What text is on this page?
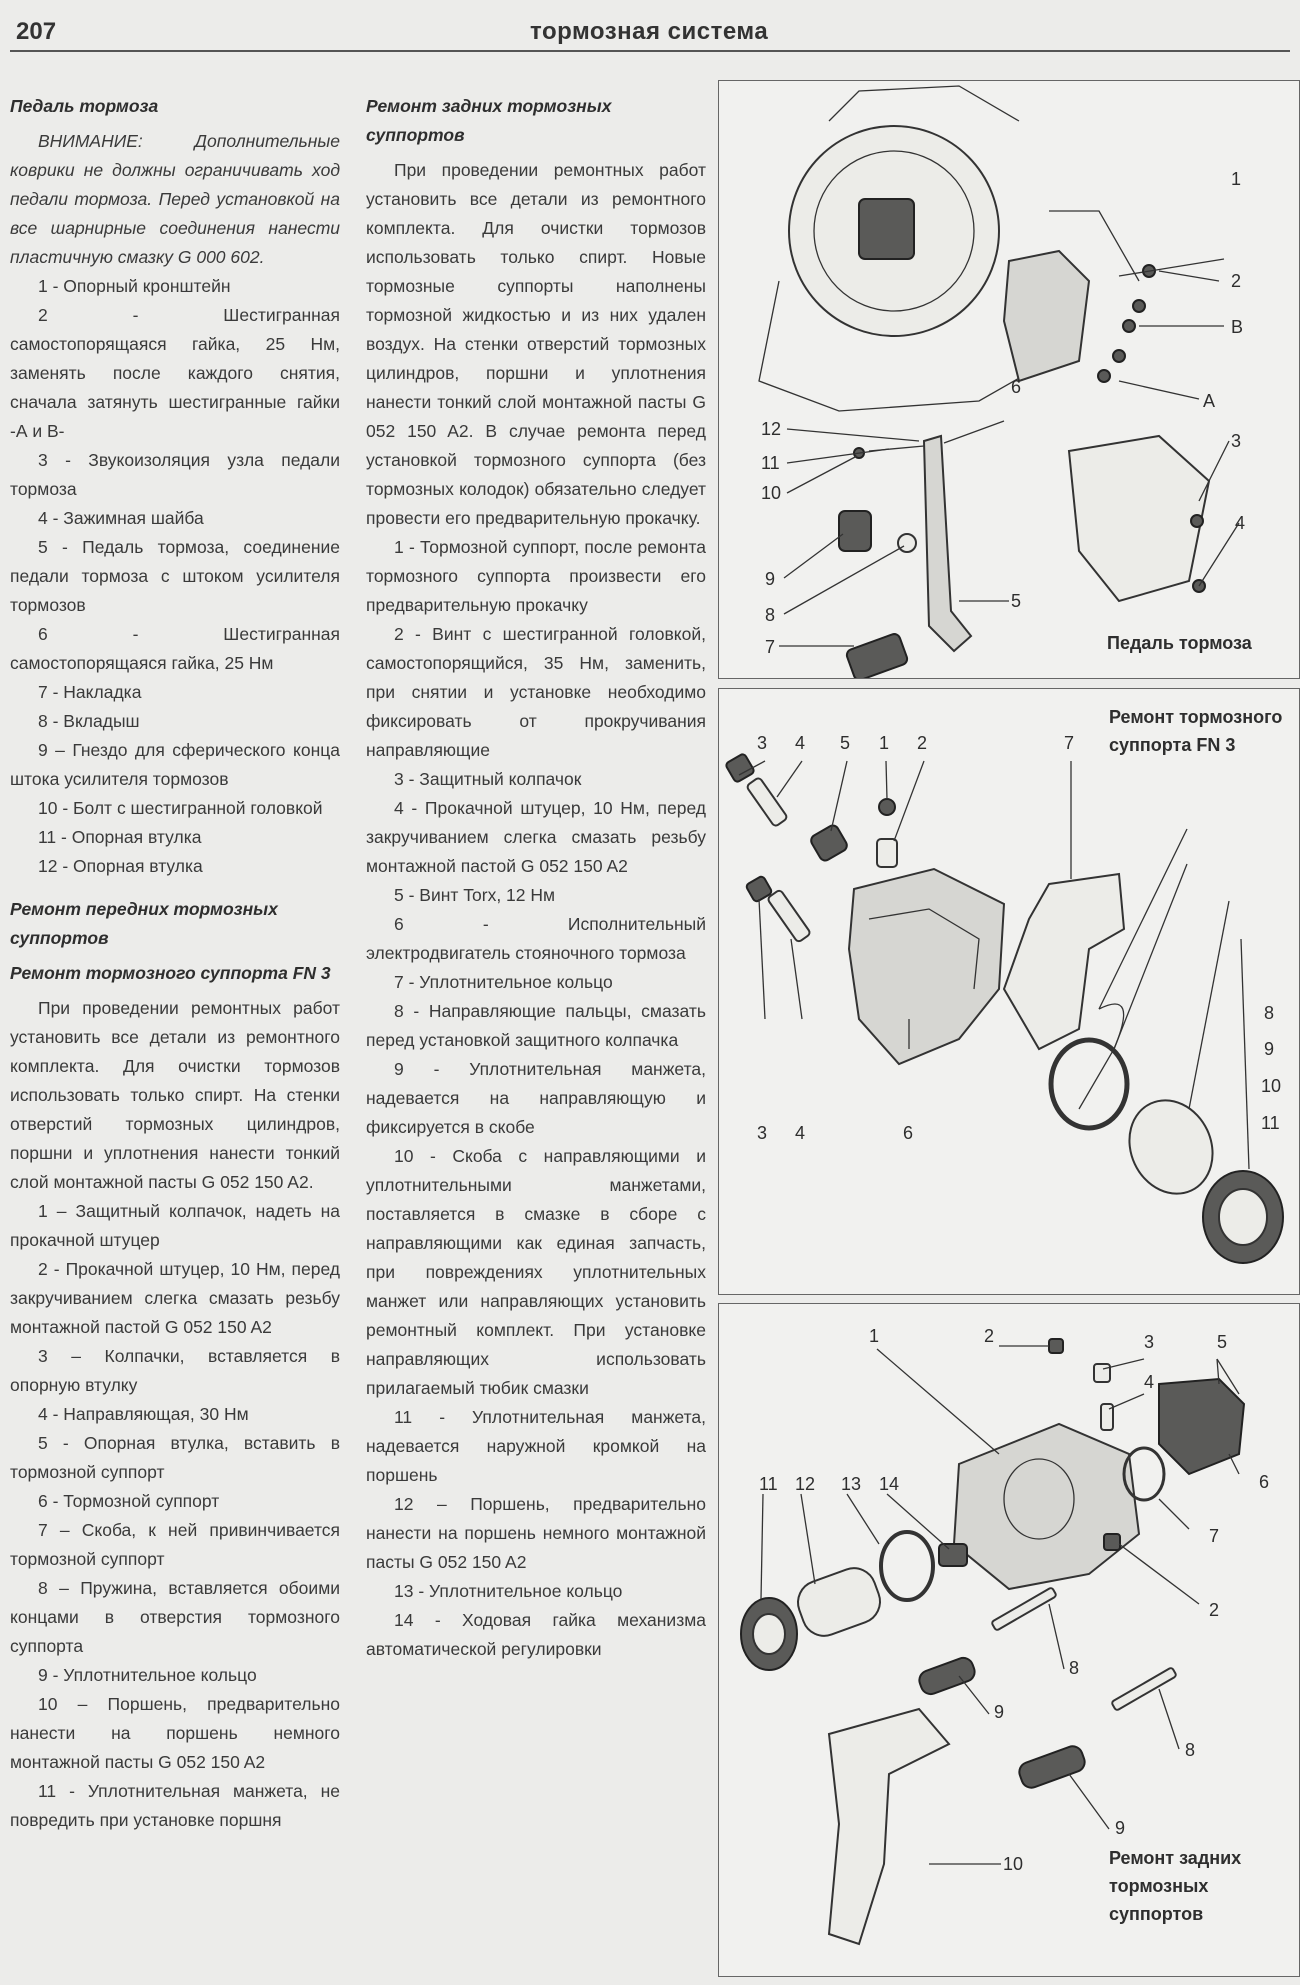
207	тормозная система
Педаль тормоза

ВНИМАНИЕ: Дополнительные коврики не должны ограничивать ход педали тормоза. Перед установкой на все шарнирные соединения нанести пластичную смазку G 000 602.

1 - Опорный кронштейн

2 - Шестигранная самостопорящаяся гайка, 25 Нм, заменять после каждого снятия, сначала затянуть шестигранные гайки -А и В-

3 - Звукоизоляция узла педали тормоза

4 - Зажимная шайба

5 - Педаль тормоза, соединение педали тормоза с штоком усилителя тормозов

6 - Шестигранная самостопорящаяся гайка, 25 Нм

7 - Накладка

8 - Вкладыш

9 – Гнездо для сферического конца штока усилителя тормозов

10 - Болт с шестигранной головкой

11 - Опорная втулка

12 - Опорная втулка

Ремонт передних тормозных суппортов
Ремонт тормозного суппорта FN 3

При проведении ремонтных работ установить все детали из ремонтного комплекта. Для очистки тормозов использовать только спирт. На стенки отверстий тормозных цилиндров, поршни и уплотнения нанести тонкий слой монтажной пасты G 052 150 A2.

1 – Защитный колпачок, надеть на прокачной штуцер

2 - Прокачной штуцер, 10 Нм, перед закручиванием слегка смазать резьбу монтажной пастой G 052 150 A2

3 – Колпачки, вставляется в опорную втулку

4 - Направляющая, 30 Нм

5 - Опорная втулка, вставить в тормозной суппорт

6 - Тормозной суппорт

7 – Скоба, к ней привинчивается тормозной суппорт

8 – Пружина, вставляется обоими концами в отверстия тормозного суппорта

9 - Уплотнительное кольцо

10 – Поршень, предварительно нанести на поршень немного монтажной пасты G 052 150 A2

11 - Уплотнительная манжета, не повредить при установке поршня

Ремонт задних тормозных суппортов

При проведении ремонтных работ установить все детали из ремонтного комплекта. Для очистки тормозов использовать только спирт. Новые тормозные суппорты наполнены тормозной жидкостью и из них удален воздух. На стенки отверстий тормозных цилиндров, поршни и уплотнения нанести тонкий слой монтажной пасты G 052 150 A2. В случае ремонта перед установкой тормозного суппорта (без тормозных колодок) обязательно следует провести его предварительную прокачку.

1 - Тормозной суппорт, после ремонта тормозного суппорта произвести его предварительную прокачку

2 - Винт с шестигранной головкой, самостопорящийся, 35 Нм, заменить, при снятии и установке необходимо фиксировать от прокручивания направляющие

3 - Защитный колпачок

4 - Прокачной штуцер, 10 Нм, перед закручиванием слегка смазать резьбу монтажной пастой G 052 150 A2

5 - Винт Torx, 12 Нм

6 - Исполнительный электродвигатель стояночного тормоза

7 - Уплотнительное кольцо

8 - Направляющие пальцы, смазать перед установкой защитного колпачка

9 - Уплотнительная манжета, надевается на направляющую и фиксируется в скобе

10 - Скоба с направляющими и уплотнительными манжетами, поставляется в смазке в сборе с направляющими как единая запчасть, при повреждениях уплотнительных манжет или направляющих установить ремонтный комплект. При установке направляющих использовать прилагаемый тюбик смазки

11 - Уплотнительная манжета, надевается наружной кромкой на поршень

12 – Поршень, предварительно нанести на поршень немного монтажной пасты G 052 150 A2

13 - Уплотнительное кольцо

14 - Ходовая гайка механизма автоматической регулировки

1
2
B
A
3
4
5
6
7
8
9
10
11
12
Педаль тормоза
3 4 5 1 2	7
8
9
10
11
3 4	6
Ремонт тормозного суппорта FN 3
1	2	3
4
5
6
7
2
11 12 13 14
8
9
8
9
10	Ремонт задних тормозных суппортов
